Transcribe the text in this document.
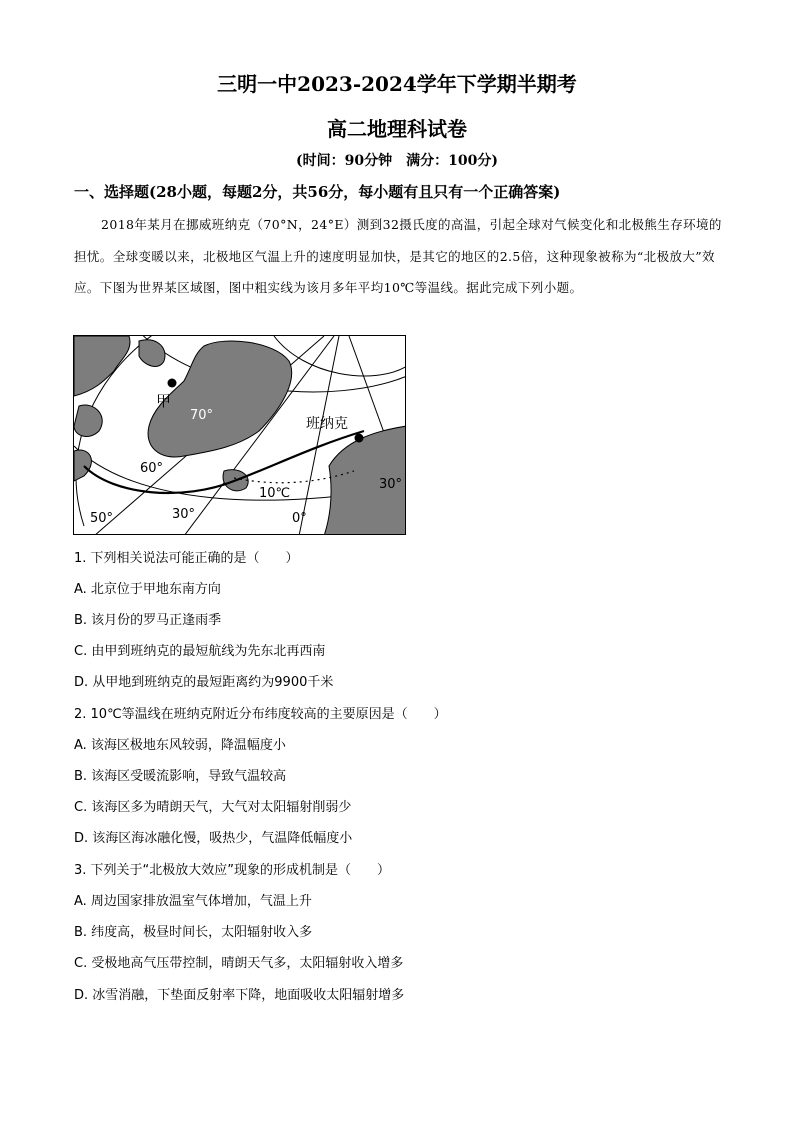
三明一中2023-2024学年下学期半期考
高二地理科试卷
(时间：90分钟　满分：100分)
一、选择题(28小题，每题2分，共56分，每小题有且只有一个正确答案)
2018年某月在挪威班纳克（70°N，24°E）测到32摄氏度的高温，引起全球对气候变化和北极熊生存环境的担忧。全球变暖以来，北极地区气温上升的速度明显加快，是其它的地区的2.5倍，这种现象被称为“北极放大”效应。下图为世界某区域图，图中粗实线为该月多年平均10℃等温线。据此完成下列小题。
甲
70°
60°
班纳克
10℃
30°
50°	30°	0°
1. 下列相关说法可能正确的是（　　）
A. 北京位于甲地东南方向
B. 该月份的罗马正逢雨季
C. 由甲到班纳克的最短航线为先东北再西南
D. 从甲地到班纳克的最短距离约为9900千米
2. 10℃等温线在班纳克附近分布纬度较高的主要原因是（　　）
A. 该海区极地东风较弱，降温幅度小
B. 该海区受暖流影响，导致气温较高
C. 该海区多为晴朗天气，大气对太阳辐射削弱少
D. 该海区海冰融化慢，吸热少，气温降低幅度小
3. 下列关于“北极放大效应”现象的形成机制是（　　）
A. 周边国家排放温室气体增加，气温上升
B. 纬度高，极昼时间长，太阳辐射收入多
C. 受极地高气压带控制，晴朗天气多，太阳辐射收入增多
D. 冰雪消融，下垫面反射率下降，地面吸收太阳辐射增多
